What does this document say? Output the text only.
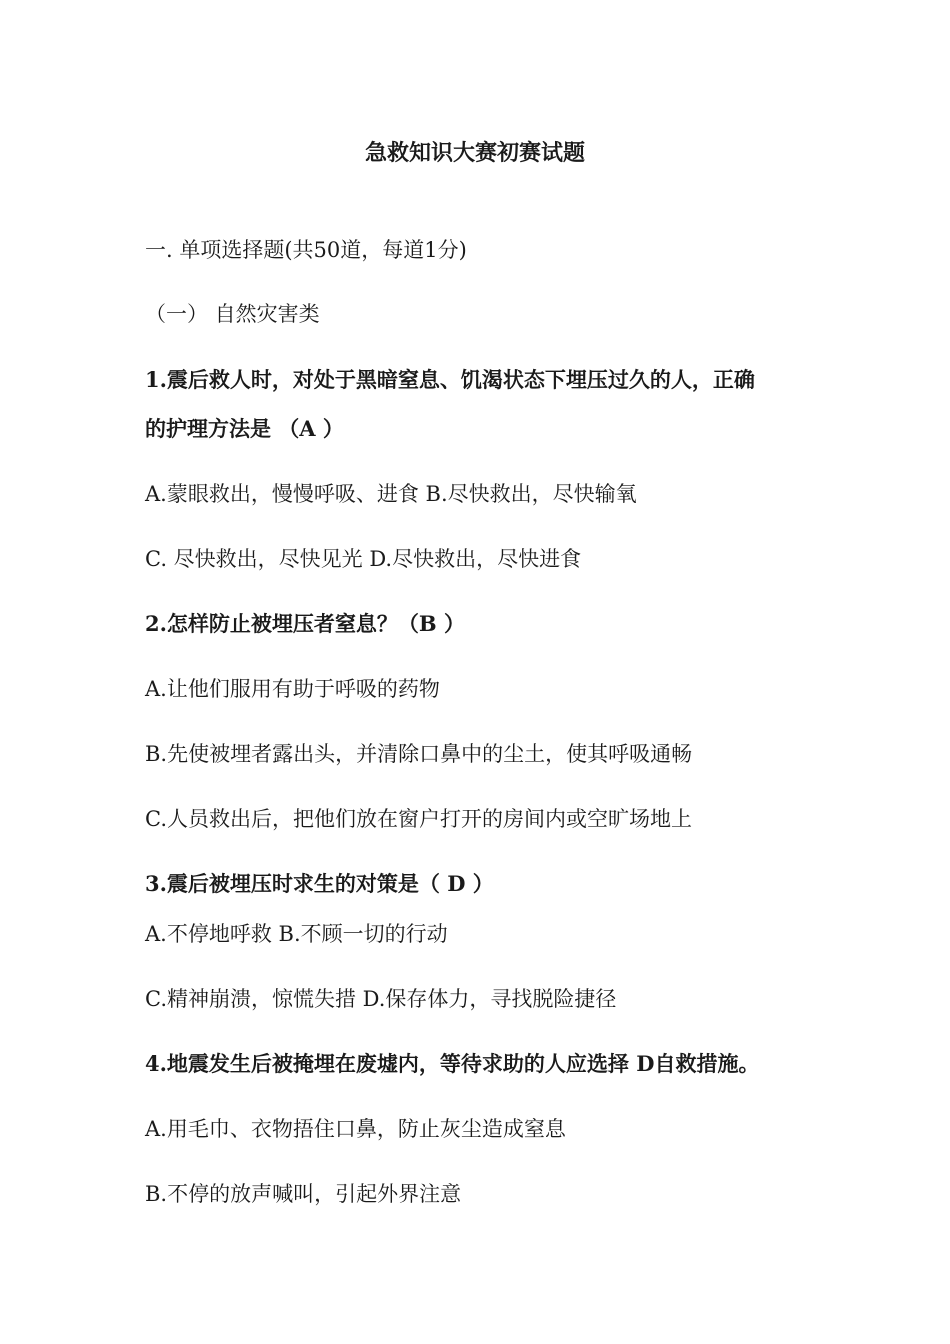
急救知识大赛初赛试题
一. 单项选择题(共50道，每道1分)
（一） 自然灾害类
1.震后救人时，对处于黑暗窒息、饥渴状态下埋压过久的人，正确
的护理方法是 （A ）
A.蒙眼救出，慢慢呼吸、进食 B.尽快救出，尽快输氧
C. 尽快救出，尽快见光 D.尽快救出，尽快进食
2.怎样防止被埋压者窒息？（B ）
A.让他们服用有助于呼吸的药物
B.先使被埋者露出头，并清除口鼻中的尘土，使其呼吸通畅
C.人员救出后，把他们放在窗户打开的房间内或空旷场地上
3.震后被埋压时求生的对策是（ D ）
A.不停地呼救 B.不顾一切的行动
C.精神崩溃，惊慌失措 D.保存体力，寻找脱险捷径
4.地震发生后被掩埋在废墟内，等待求助的人应选择 D自救措施。
A.用毛巾、衣物捂住口鼻，防止灰尘造成窒息
B.不停的放声喊叫，引起外界注意
